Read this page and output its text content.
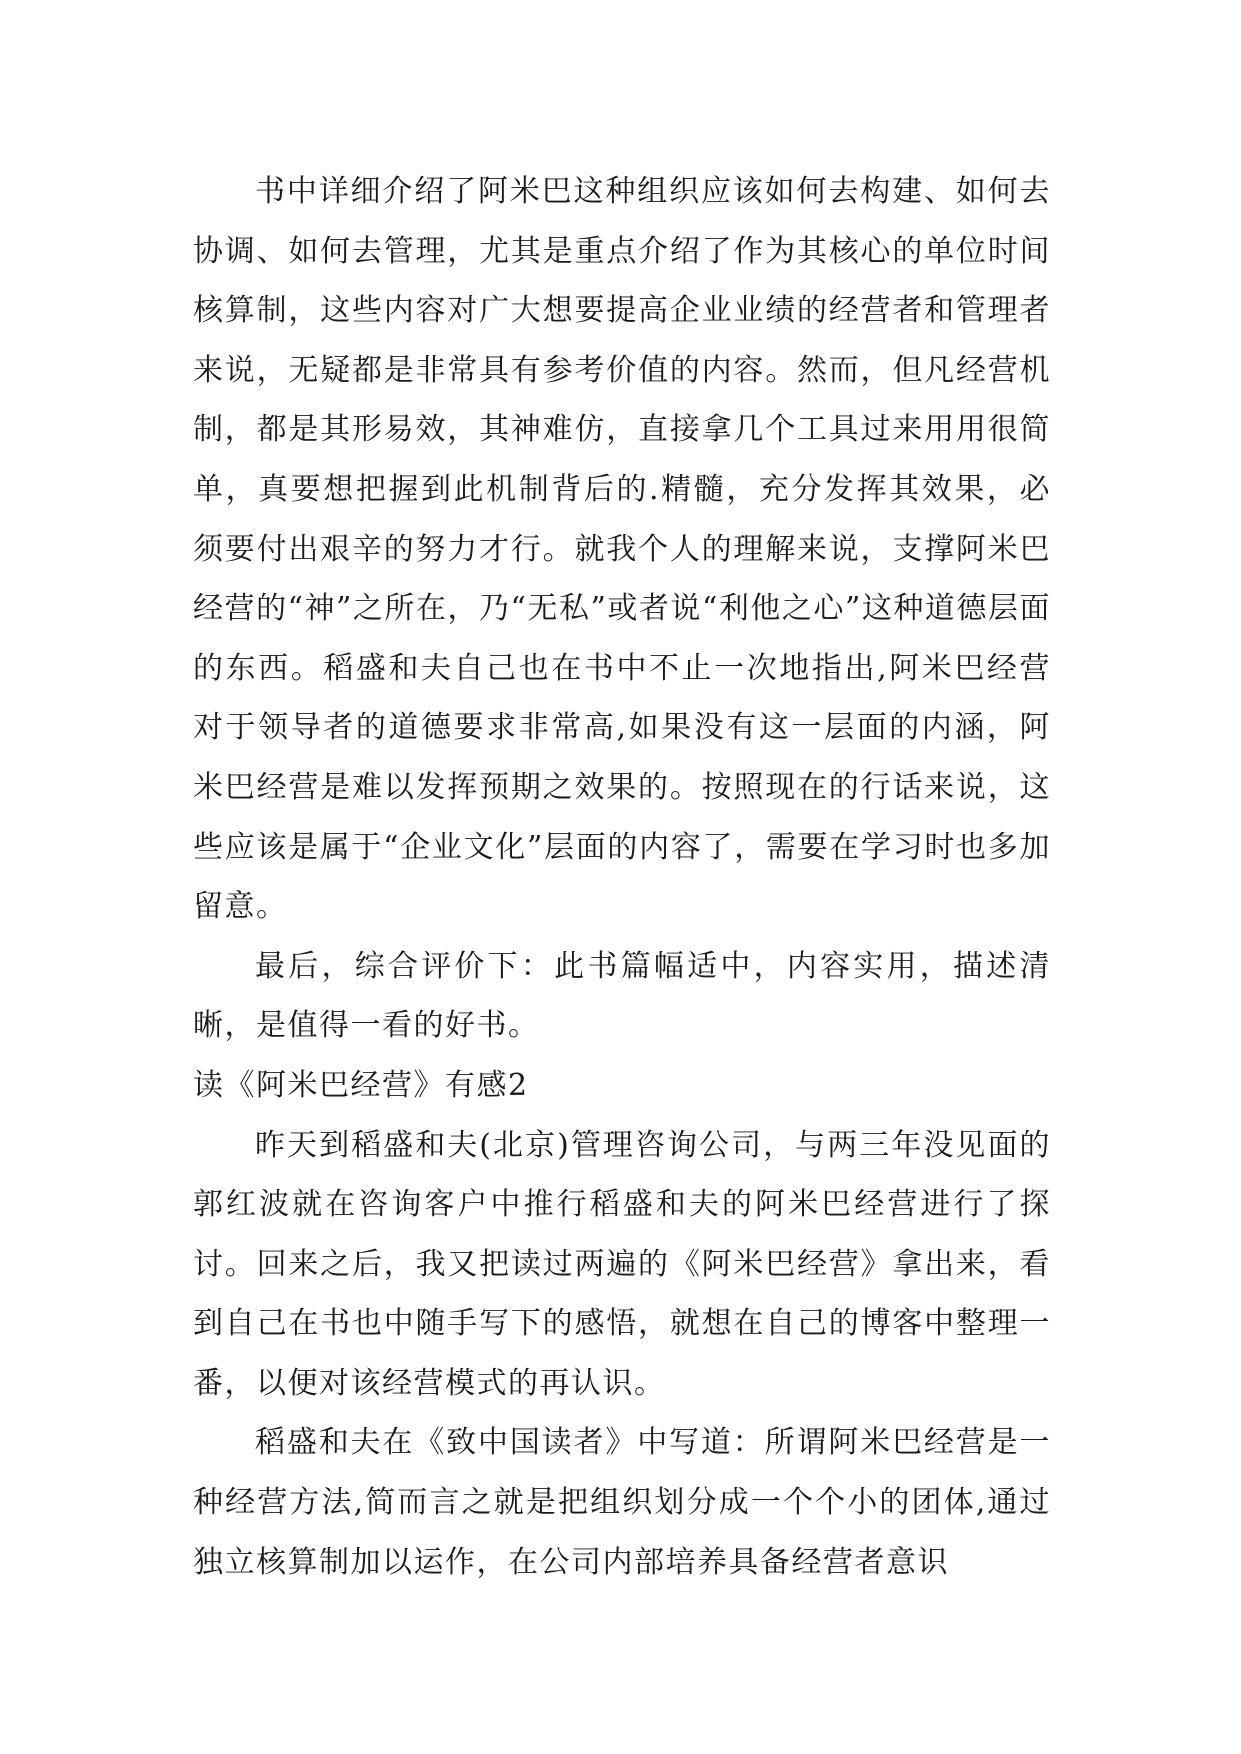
书中详细介绍了阿米巴这种组织应该如何去构建、如何去协调、如何去管理，尤其是重点介绍了作为其核心的单位时间核算制，这些内容对广大想要提高企业业绩的经营者和管理者来说，无疑都是非常具有参考价值的内容。然而，但凡经营机制，都是其形易效，其神难仿，直接拿几个工具过来用用很简单，真要想把握到此机制背后的.精髓，充分发挥其效果，必须要付出艰辛的努力才行。就我个人的理解来说，支撑阿米巴经营的“神”之所在，乃“无私”或者说“利他之心”这种道德层面的东西。稻盛和夫自己也在书中不止一次地指出,阿米巴经营对于领导者的道德要求非常高,如果没有这一层面的内涵，阿米巴经营是难以发挥预期之效果的。按照现在的行话来说，这些应该是属于“企业文化”层面的内容了，需要在学习时也多加留意。

最后，综合评价下：此书篇幅适中，内容实用，描述清晰，是值得一看的好书。

读《阿米巴经营》有感2

昨天到稻盛和夫(北京)管理咨询公司，与两三年没见面的郭红波就在咨询客户中推行稻盛和夫的阿米巴经营进行了探讨。回来之后，我又把读过两遍的《阿米巴经营》拿出来，看到自己在书也中随手写下的感悟，就想在自己的博客中整理一番，以便对该经营模式的再认识。

稻盛和夫在《致中国读者》中写道：所谓阿米巴经营是一种经营方法,简而言之就是把组织划分成一个个小的团体,通过独立核算制加以运作，在公司内部培养具备经营者意识
